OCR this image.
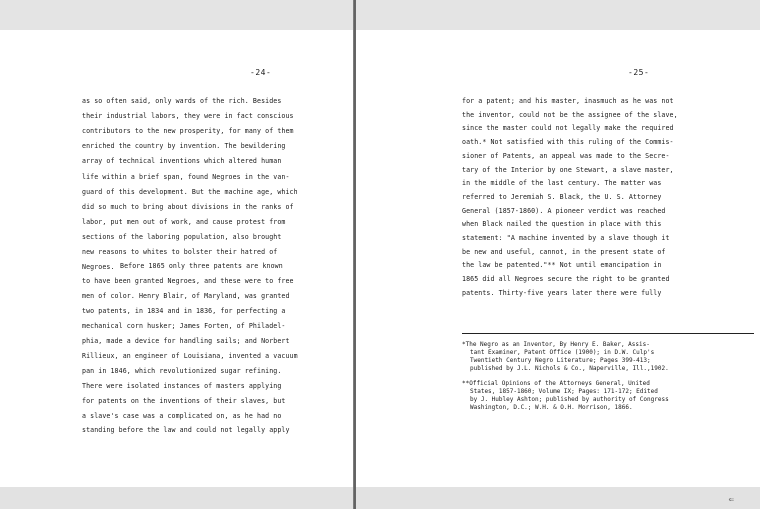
-24-
as so often said, only wards of the rich. Besides
their industrial labors, they were in fact conscious
contributors to the new prosperity, for many of them
enriched the country by invention. The bewildering
array of technical inventions which altered human
life within a brief span, found Negroes in the van-
guard of this development. But the machine age, which
did so much to bring about divisions in the ranks of
labor, put men out of work, and cause protest from
sections of the laboring population, also brought
new reasons to whites to bolster their hatred of
Negroes. Before 1865 only three patents are known
to have been granted Negroes, and these were to free
men of color. Henry Blair, of Maryland, was granted
two patents, in 1834 and in 1836, for perfecting a
mechanical corn husker; James Forten, of Philadel-
phia, made a device for handling sails; and Norbert
Rillieux, an engineer of Louisiana, invented a vacuum
pan in 1846, which revolutionized sugar refining.
There were isolated instances of masters applying
for patents on the inventions of their slaves, but
a slave's case was a complicated on, as he had no
standing before the law and could not legally apply
-25-
for a patent; and his master, inasmuch as he was not
the inventor, could not be the assignee of the slave,
since the master could not legally make the required
oath.* Not satisfied with this ruling of the Commis-
sioner of Patents, an appeal was made to the Secre-
tary of the Interior by one Stewart, a slave master,
in the middle of the last century. The matter was
referred to Jeremiah S. Black, the U. S. Attorney
General (1857-1860). A pioneer verdict was reached
when Black nailed the question in place with this
statement: "A machine invented by a slave though it
be new and useful, cannot, in the present state of
the law be patented."** Not until emancipation in
1865 did all Negroes secure the right to be granted
patents. Thirty-five years later there were fully
*The Negro as an Inventor, By Henry E. Baker, Assis-
tant Examiner, Patent Office (1900); in D.W. Culp's
Twentieth Century Negro Literature; Pages 399-413;
published by J.L. Nichols & Co., Naperville, Ill.,1902.
**Official Opinions of the Attorneys General, United
States, 1857-1860; Volume IX; Pages: 171-172; Edited
by J. Hubley Ashton; published by authority of Congress
Washington, D.C.; W.H. & O.H. Morrison, 1866.
⇐
